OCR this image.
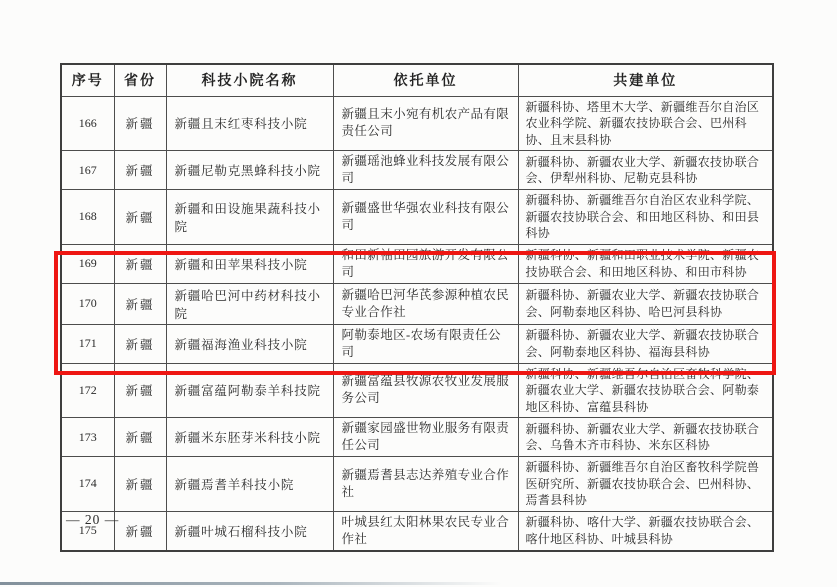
序号	省份	科技小院名称	依托单位	共建单位
166	新疆	新疆且末红枣科技小院	新疆且末小宛有机农产品有限责任公司	新疆科协、塔里木大学、新疆维吾尔自治区农业科学院、新疆农技协联合会、巴州科协、且末县科协
167	新疆	新疆尼勒克黑蜂科技小院	新疆瑶池蜂业科技发展有限公司	新疆科协、新疆农业大学、新疆农技协联合会、伊犁州科协、尼勒克县科协
168	新疆	新疆和田设施果蔬科技小院	新疆盛世华强农业科技有限公司	新疆科协、新疆维吾尔自治区农业科学院、新疆农技协联合会、和田地区科协、和田县科协
169	新疆	新疆和田苹果科技小院	和田新袖田园旅游开发有限公司	新疆科协、新疆和田职业技术学院、新疆农技协联合会、和田地区科协、和田市科协
170	新疆	新疆哈巴河中药材科技小院	新疆哈巴河华芪参源种植农民专业合作社	新疆科协、新疆农业大学、新疆农技协联合会、阿勒泰地区科协、哈巴河县科协
171	新疆	新疆福海渔业科技小院	阿勒泰地区-农场有限责任公司	新疆科协、新疆农业大学、新疆农技协联合会、阿勒泰地区科协、福海县科协
172	新疆	新疆富蕴阿勒泰羊科技院	新疆富蕴县牧源农牧业发展服务公司	新疆科协、新疆维吾尔自治区畜牧科学院、新疆农业大学、新疆农技协联合会、阿勒泰地区科协、富蕴县科协
173	新疆	新疆米东胚芽米科技小院	新疆家园盛世物业服务有限责任公司	新疆科协、新疆农业大学、新疆农技协联合会、乌鲁木齐市科协、米东区科协
174	新疆	新疆焉耆羊科技小院	新疆焉耆县志达养殖专业合作社	新疆科协、新疆维吾尔自治区畜牧科学院兽医研究所、新疆农技协联合会、巴州科协、焉耆县科协
175	新疆	新疆叶城石榴科技小院	叶城县红太阳林果农民专业合作社	新疆科协、喀什大学、新疆农技协联合会、喀什地区科协、叶城县科协
— 20 —
